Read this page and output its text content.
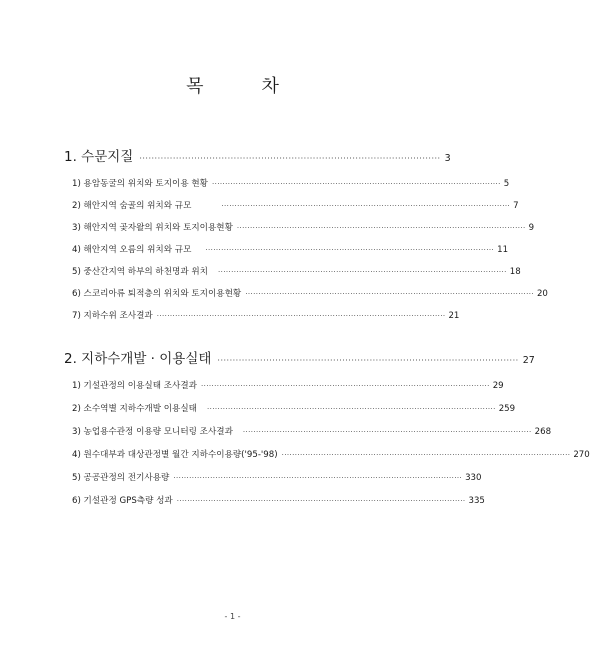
목	차
1. 수문지질 ··································································································· 3
1) 용암동굴의 위치와 토지이용 현황 ·············································································································· 5
2) 해안지역 숨골의 위치와 규모	·············································································································· 7
3) 해안지역 곶자왈의 위치와 토지이용현황 ·············································································································· 9
4) 해안지역 오름의 위치와 규모 ·············································································································· 11
5) 중산간지역 하부의 하천명과 위치 ·············································································································· 18
6) 스코리아류 퇴적층의 위치와 토지이용현황 ·············································································································· 20
7) 지하수위 조사결과 ·············································································································· 21
2. 지하수개발 · 이용실태 ··································································································· 27
1) 기설관정의 이용실태 조사결과 ·············································································································· 29
2) 소수역별 지하수개발 이용실태 ·············································································································· 259
3) 농업용수관정 이용량 모니터링 조사결과 ·············································································································· 268
4) 원수대부과 대상관정별 월간 지하수이용량('95-'98) ·············································································································· 270
5) 공공관정의 전기사용량 ·············································································································· 330
6) 기설관정 GPS측량 성과 ·············································································································· 335
- 1 -
